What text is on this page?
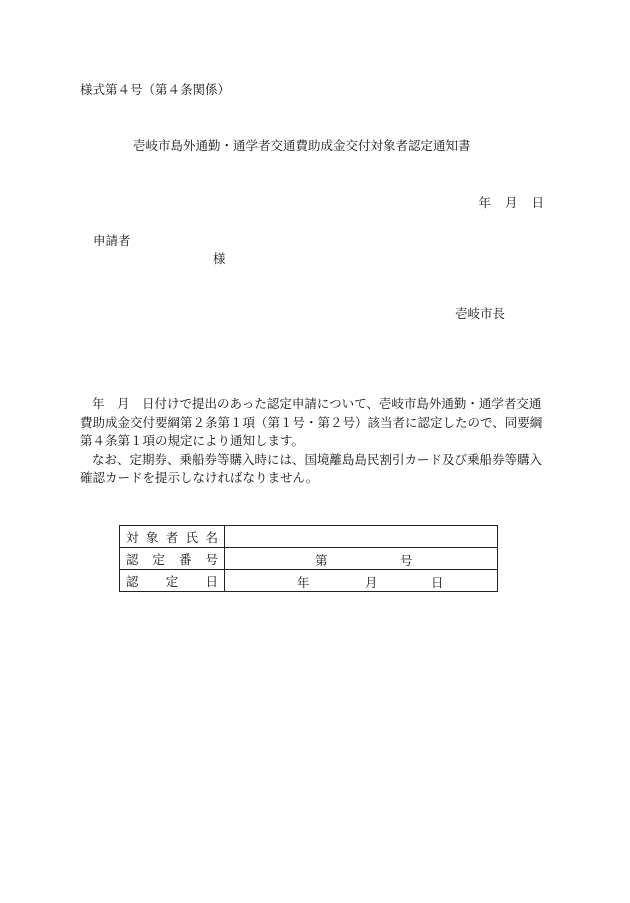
様式第４号（第４条関係）
壱岐市島外通勤・通学者交通費助成金交付対象者認定通知書
年 月 日
申請者
様
壱岐市長

年　月　日付けで提出のあった認定申請について、壱岐市島外通勤・通学者交通費助成金交付要綱第２条第１項（第１号・第２号）該当者に認定したので、同要綱第４条第１項の規定により通知します。

なお、定期券、乗船券等購入時には、国境離島島民割引カード及び乗船券等購入確認カードを提示しなければなりません。

対象者氏名	
認定番号	第 号

認定日	年 月 日
